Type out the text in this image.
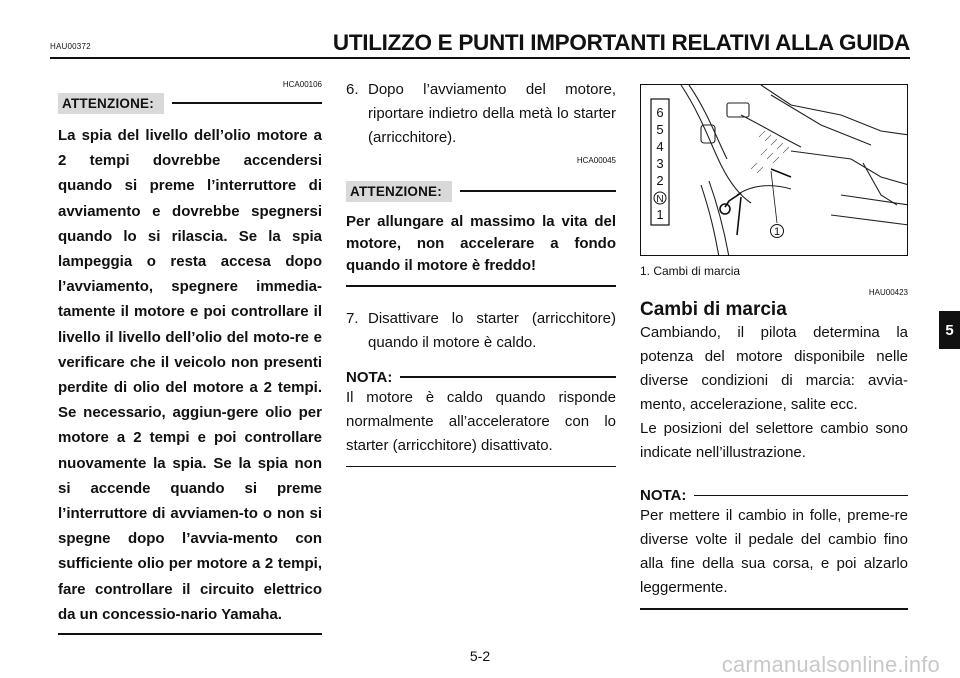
HAU00372	UTILIZZO E PUNTI IMPORTANTI RELATIVI ALLA GUIDA
HCA00106
ATTENZIONE:

La spia del livello dell’olio motore a 2 tempi dovrebbe accendersi quando si preme l’interruttore di avviamento e dovrebbe spegnersi quando lo si rilascia. Se la spia lampeggia o resta accesa dopo l’avviamento, spegnere immedia-tamente il motore e poi controllare il livello il livello dell’olio del moto-re e verificare che il veicolo non presenti perdite di olio del motore a 2 tempi. Se necessario, aggiun-gere olio per motore a 2 tempi e poi controllare nuovamente la spia. Se la spia non si accende quando si preme l’interruttore di avviamen-to o non si spegne dopo l’avvia-mento con sufficiente olio per motore a 2 tempi, fare controllare il circuito elettrico da un concessio-nario Yamaha.

6. Dopo l’avviamento del motore, riportare indietro della metà lo starter (arricchitore).
HCA00045
ATTENZIONE:

Per allungare al massimo la vita del motore, non accelerare a fondo quando il motore è freddo!

7. Disattivare lo starter (arricchitore) quando il motore è caldo.
NOTA:

Il motore è caldo quando risponde normalmente all’acceleratore con lo starter (arricchitore) disattivato.

6
5
4
3
2
N
1
1
1. Cambi di marcia
HAU00423

Cambi di marcia

Cambiando, il pilota determina la potenza del motore disponibile nelle diverse condizioni di marcia: avvia-mento, accelerazione, salite ecc.

Le posizioni del selettore cambio sono indicate nell’illustrazione.

NOTA:

Per mettere il cambio in folle, preme-re diverse volte il pedale del cambio fino alla fine della sua corsa, e poi alzarlo leggermente.

5
5-2	carmanualsonline.info
